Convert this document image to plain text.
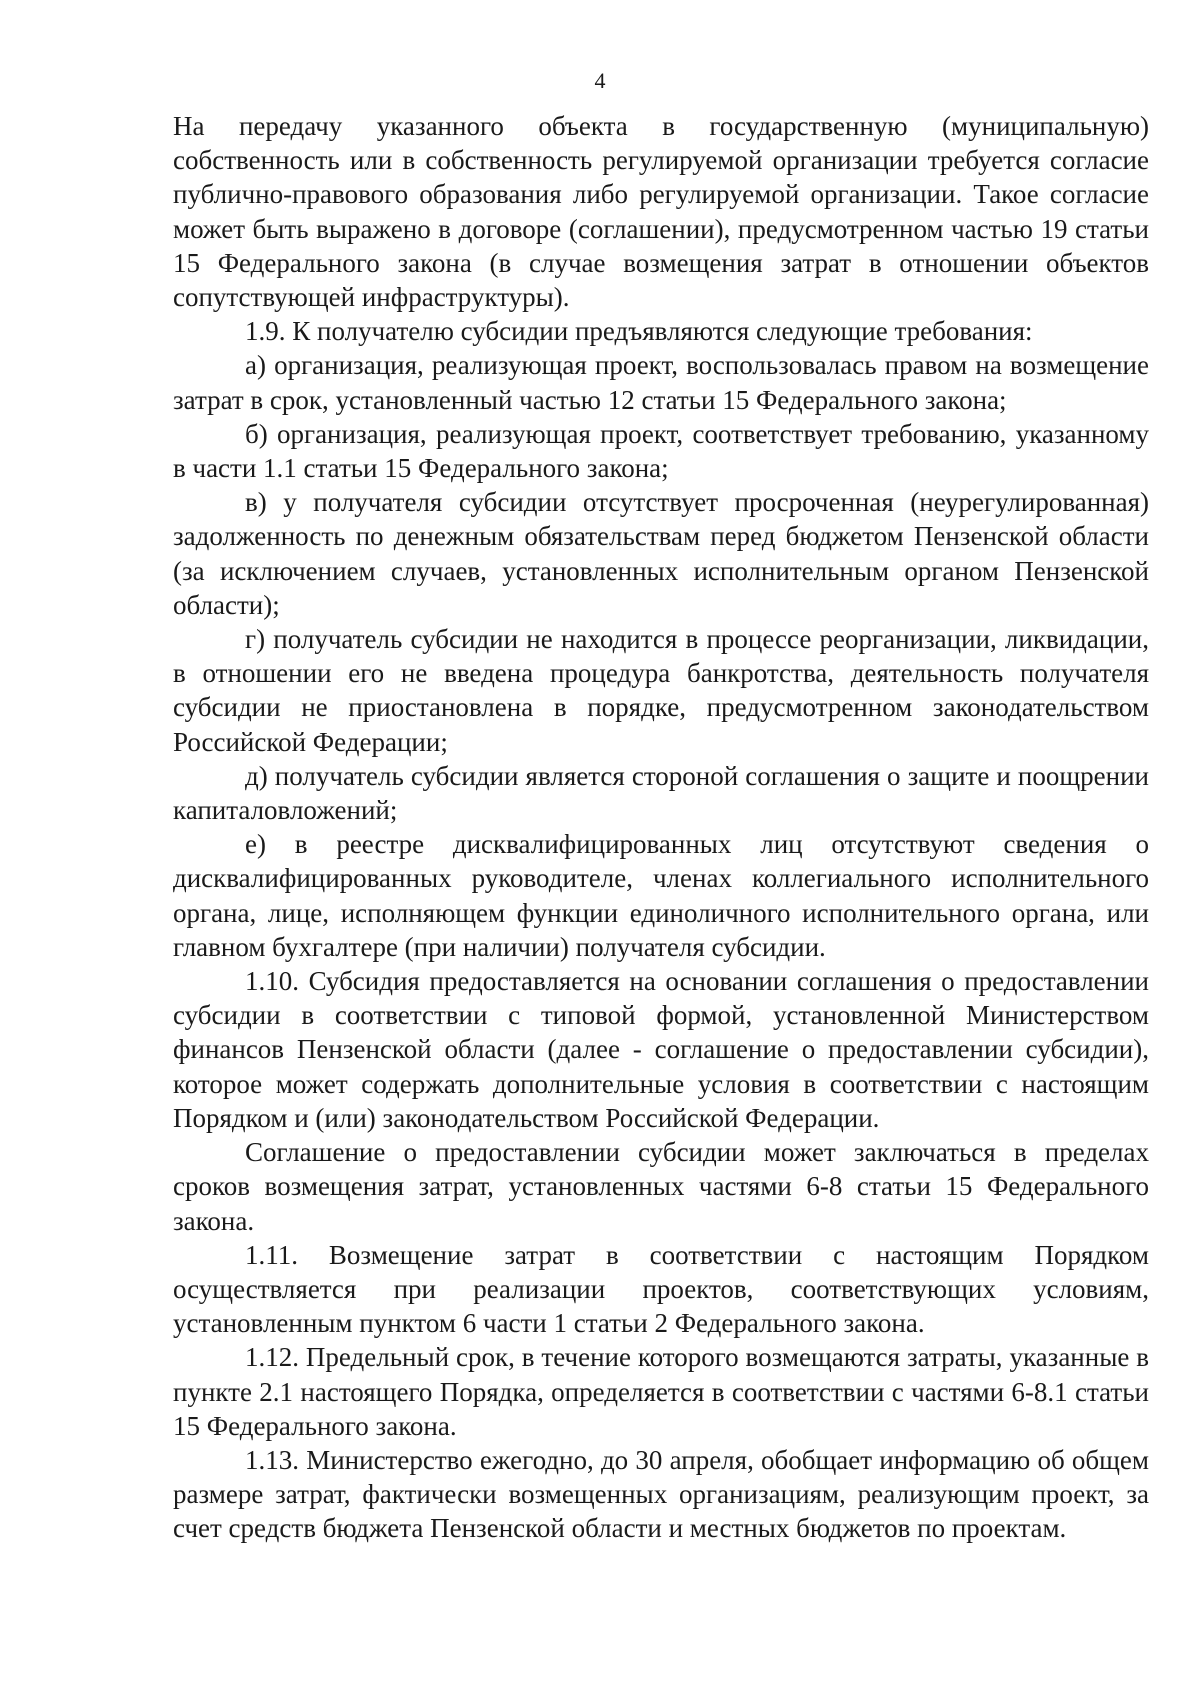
4

На передачу указанного объекта в государственную (муниципальную) собственность или в собственность регулируемой организации требуется согласие публично-правового образования либо регулируемой организации. Такое согласие может быть выражено в договоре (соглашении), предусмотренном частью 19 статьи 15 Федерального закона (в случае возмещения затрат в отношении объектов сопутствующей инфраструктуры).

1.9. К получателю субсидии предъявляются следующие требования:

а) организация, реализующая проект, воспользовалась правом на возмещение затрат в срок, установленный частью 12 статьи 15 Федерального закона;

б) организация, реализующая проект, соответствует требованию, указанному в части 1.1 статьи 15 Федерального закона;

в) у получателя субсидии отсутствует просроченная (неурегулированная) задолженность по денежным обязательствам перед бюджетом Пензенской области (за исключением случаев, установленных исполнительным органом Пензенской области);

г) получатель субсидии не находится в процессе реорганизации, ликвидации, в отношении его не введена процедура банкротства, деятельность получателя субсидии не приостановлена в порядке, предусмотренном законодательством Российской Федерации;

д) получатель субсидии является стороной соглашения о защите и поощрении капиталовложений;

е) в реестре дисквалифицированных лиц отсутствуют сведения о дисквалифицированных руководителе, членах коллегиального исполнительного органа, лице, исполняющем функции единоличного исполнительного органа, или главном бухгалтере (при наличии) получателя субсидии.

1.10. Субсидия предоставляется на основании соглашения о предоставлении субсидии в соответствии с типовой формой, установленной Министерством финансов Пензенской области (далее - соглашение о предоставлении субсидии), которое может содержать дополнительные условия в соответствии с настоящим Порядком и (или) законодательством Российской Федерации.

Соглашение о предоставлении субсидии может заключаться в пределах сроков возмещения затрат, установленных частями 6-8 статьи 15 Федерального закона.

1.11. Возмещение затрат в соответствии с настоящим Порядком осуществляется при реализации проектов, соответствующих условиям, установленным пунктом 6 части 1 статьи 2 Федерального закона.

1.12. Предельный срок, в течение которого возмещаются затраты, указанные в пункте 2.1 настоящего Порядка, определяется в соответствии с частями 6-8.1 статьи 15 Федерального закона.

1.13. Министерство ежегодно, до 30 апреля, обобщает информацию об общем размере затрат, фактически возмещенных организациям, реализующим проект, за счет средств бюджета Пензенской области и местных бюджетов по проектам.
